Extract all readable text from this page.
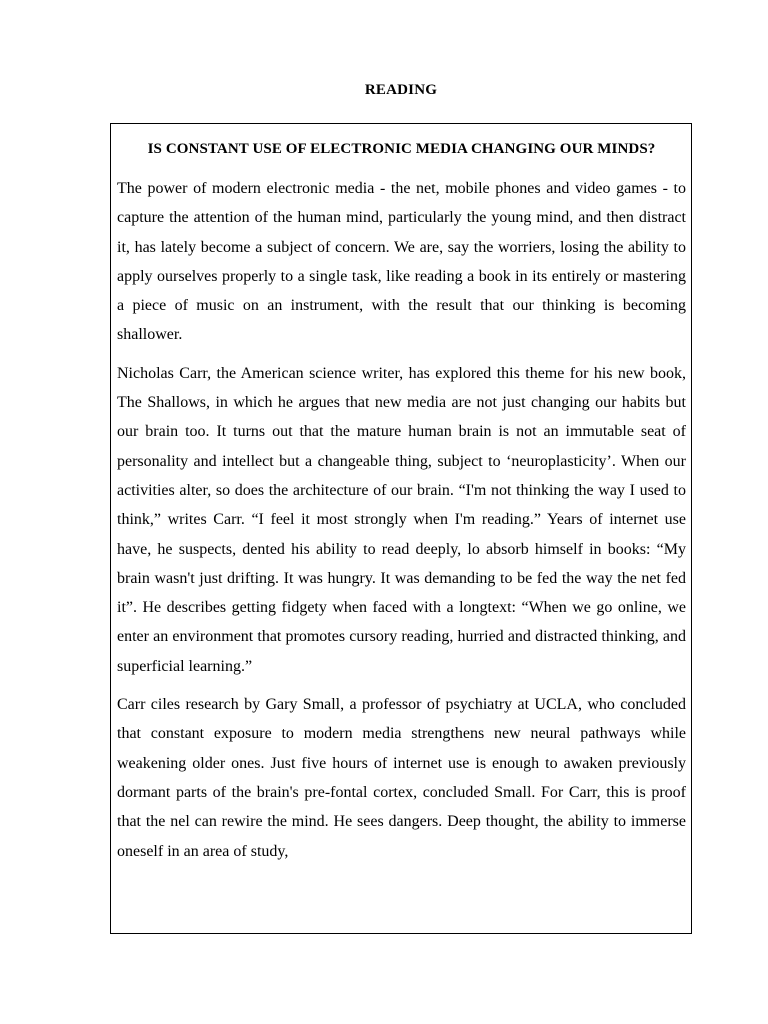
READING
IS CONSTANT USE OF ELECTRONIC MEDIA CHANGING OUR MINDS?

The power of modern electronic media - the net, mobile phones and video games - to capture the attention of the human mind, particularly the young mind, and then distract it, has lately become a subject of concern. We are, say the worriers, losing the ability to apply ourselves properly to a single task, like reading a book in its entirely or mastering a piece of music on an instrument, with the result that our thinking is becoming shallower.

Nicholas Carr, the American science writer, has explored this theme for his new book, The Shallows, in which he argues that new media are not just changing our habits but our brain too. It turns out that the mature human brain is not an immutable seat of personality and intellect but a changeable thing, subject to ‘neuroplasticity’. When our activities alter, so does the architecture of our brain. “I'm not thinking the way I used to think,” writes Carr. “I feel it most strongly when I'm reading.” Years of internet use have, he suspects, dented his ability to read deeply, lo absorb himself in books: “My brain wasn't just drifting. It was hungry. It was demanding to be fed the way the net fed it”. He describes getting fidgety when faced with a longtext: “When we go online, we enter an environment that promotes cursory reading, hurried and distracted thinking, and superficial learning.”

Carr ciles research by Gary Small, a professor of psychiatry at UCLA, who concluded that constant exposure to modern media strengthens new neural pathways while weakening older ones. Just five hours of internet use is enough to awaken previously dormant parts of the brain's pre-fontal cortex, concluded Small. For Carr, this is proof that the nel can rewire the mind. He sees dangers. Deep thought, the ability to immerse oneself in an area of study,
